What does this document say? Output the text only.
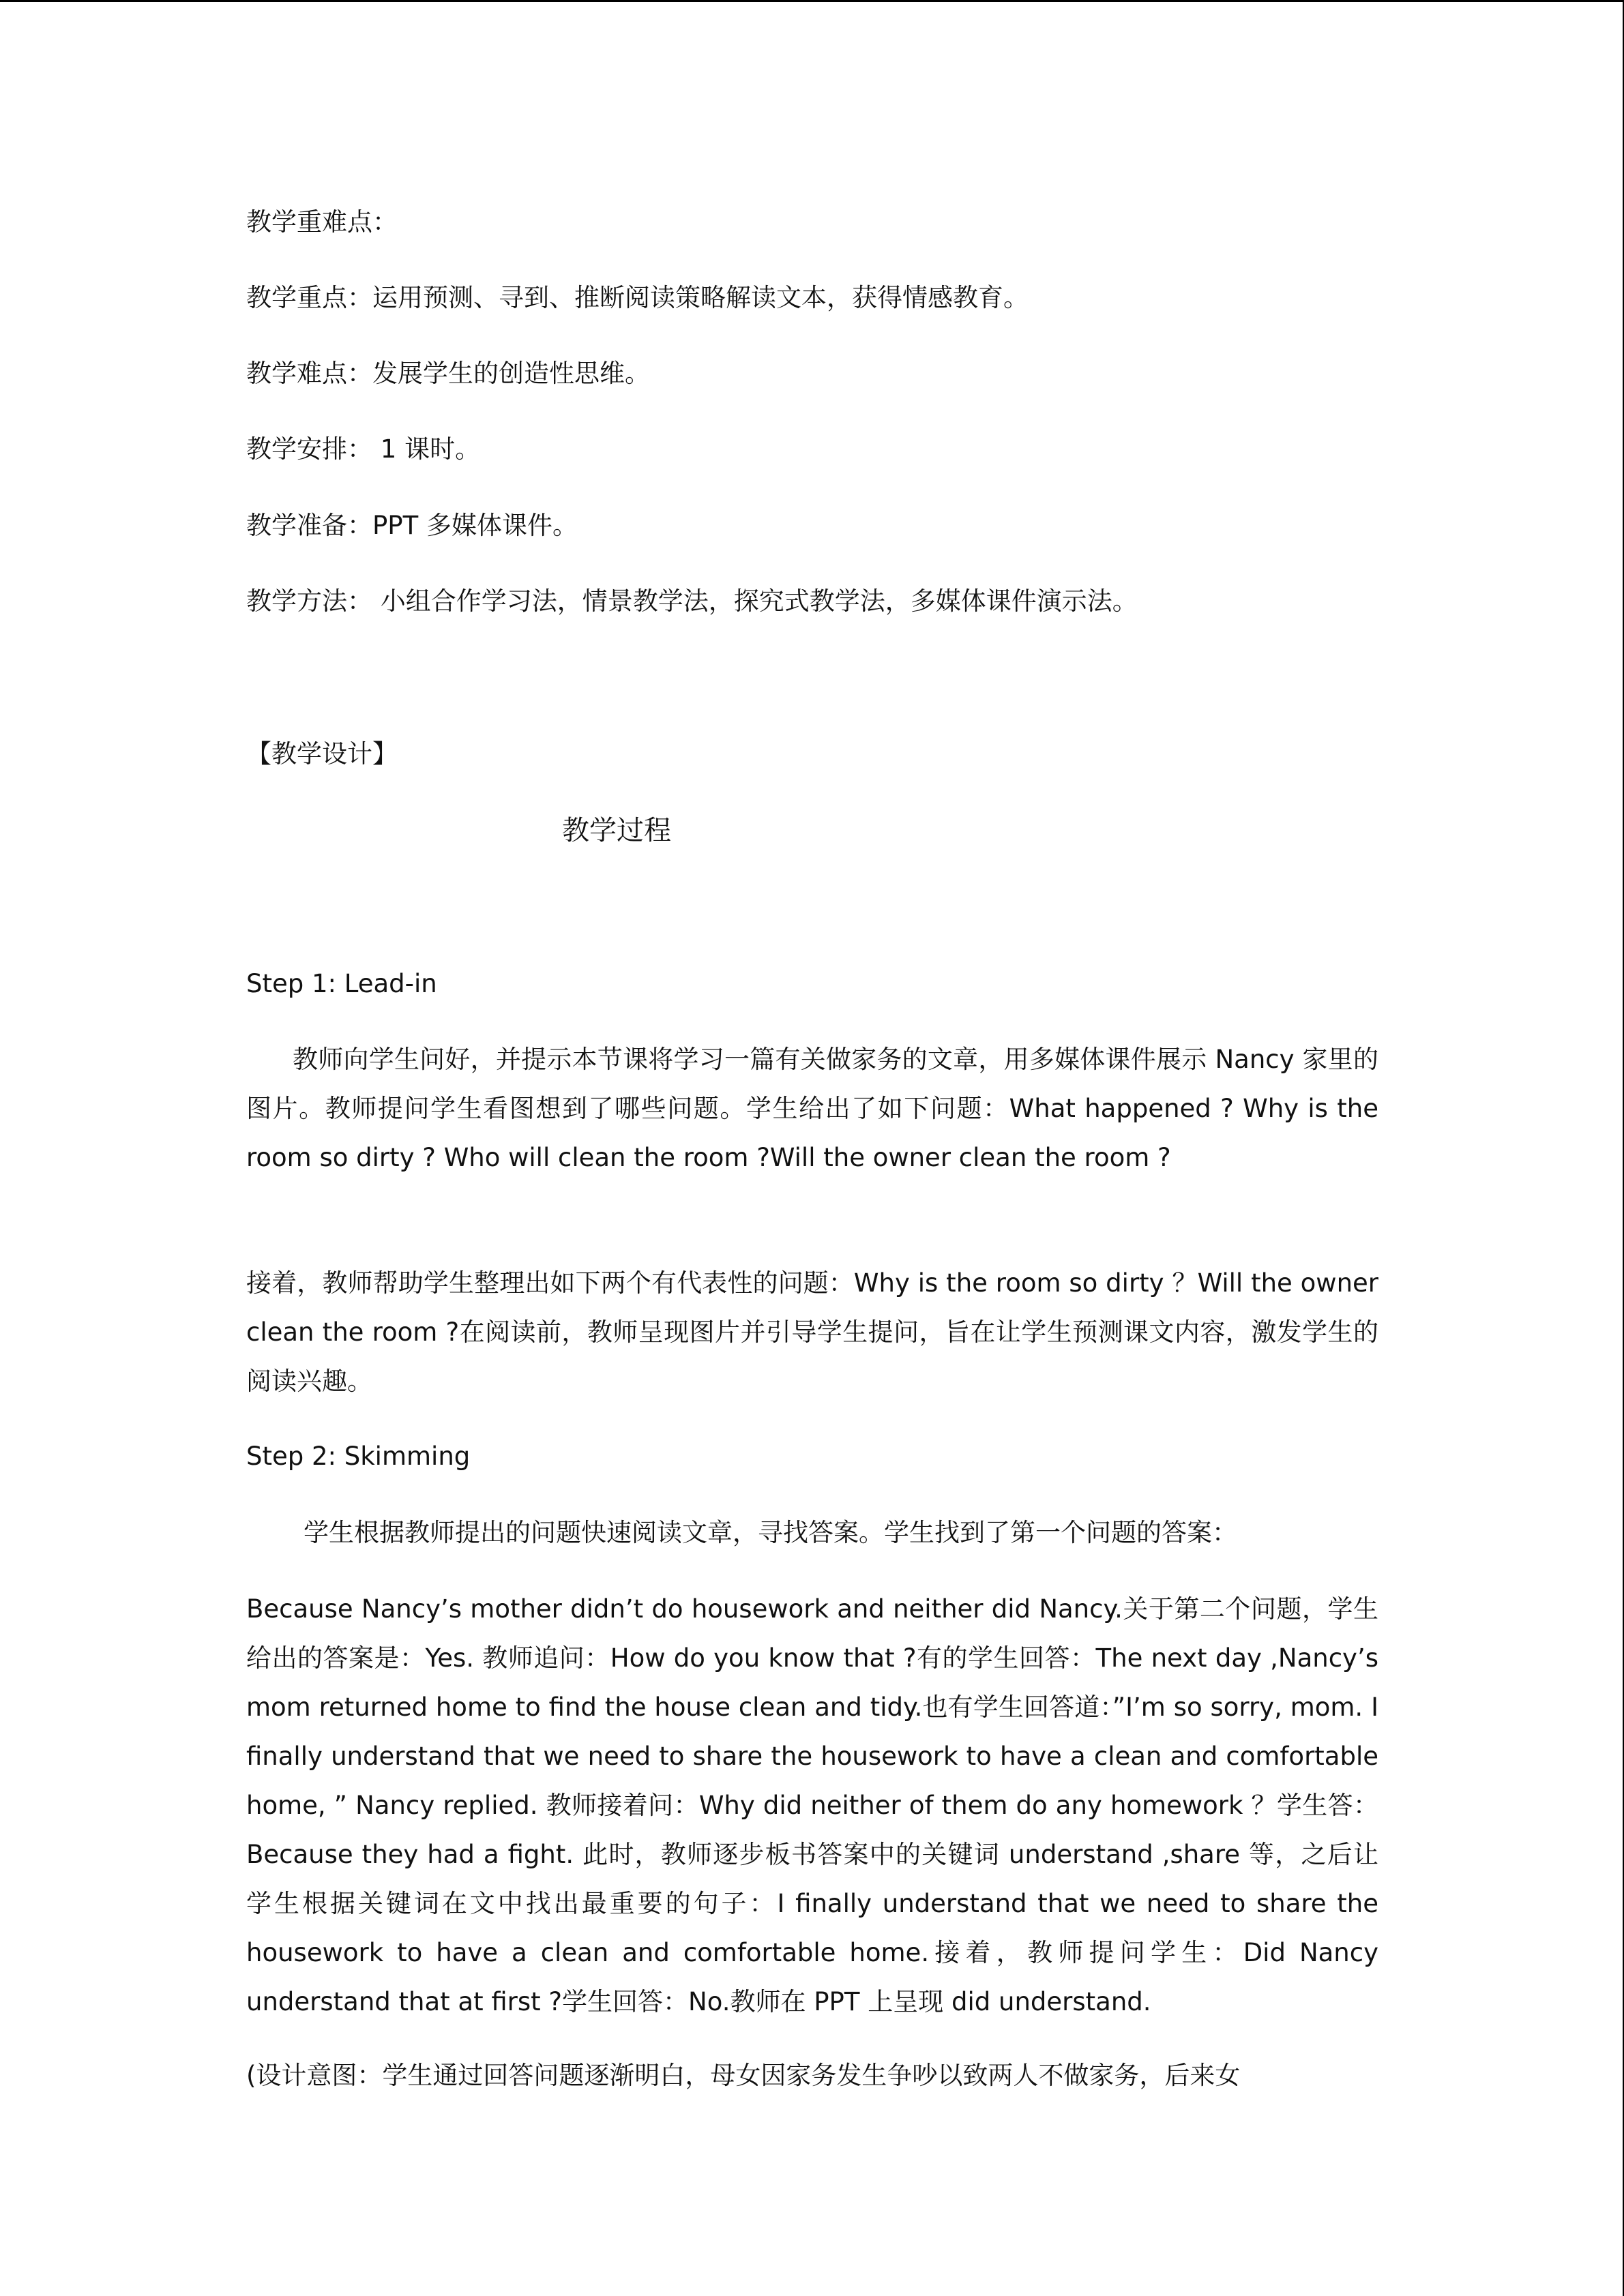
教学重难点：
教学重点：运用预测、寻到、推断阅读策略解读文本，获得情感教育。
教学难点：发展学生的创造性思维。
教学安排： 1 课时。
教学准备：PPT 多媒体课件。
教学方法： 小组合作学习法，情景教学法，探究式教学法，多媒体课件演示法。
【教学设计】
教学过程
Step 1: Lead-in
教师向学生问好，并提示本节课将学习一篇有关做家务的文章，用多媒体课件展示 Nancy 家里的图片。教师提问学生看图想到了哪些问题。学生给出了如下问题：What happened ? Why is the room so dirty ? Who will clean the room ?Will the owner clean the room ?
接着，教师帮助学生整理出如下两个有代表性的问题：Why is the room so dirty ？Will the owner clean the room ?在阅读前，教师呈现图片并引导学生提问，旨在让学生预测课文内容，激发学生的阅读兴趣。
Step 2: Skimming
学生根据教师提出的问题快速阅读文章，寻找答案。学生找到了第一个问题的答案：
Because Nancy’s mother didn’t do housework and neither did Nancy.关于第二个问题，学生给出的答案是：Yes. 教师追问：How do you know that ?有的学生回答：The next day ,Nancy’s mom returned home to find the house clean and tidy.也有学生回答道：”I’m so sorry, mom. I finally understand that we need to share the housework to have a clean and comfortable home, ” Nancy replied. 教师接着问：Why did neither of them do any homework ？学生答：Because they had a fight. 此时，教师逐步板书答案中的关键词 understand ,share 等，之后让学生根据关键词在文中找出最重要的句子：I finally understand that we need to share the housework to have a clean and comfortable home.接着，教师提问学生：Did Nancy understand that at first ?学生回答：No.教师在 PPT 上呈现 did understand.
(设计意图：学生通过回答问题逐渐明白，母女因家务发生争吵以致两人不做家务，后来女
